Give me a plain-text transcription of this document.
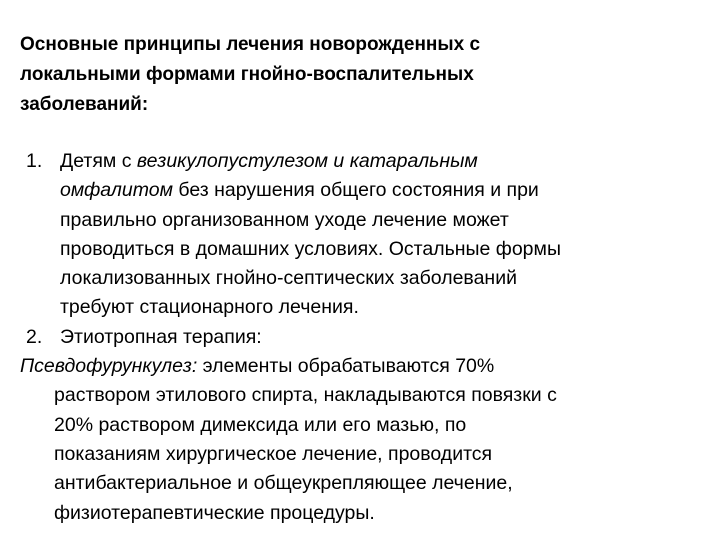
Основные принципы лечения новорожденных с
локальными формами гнойно-воспалительных
заболеваний:
1. Детям с везикулопустулезом и катаральным
омфалитом без нарушения общего состояния и при
правильно организованном уходе лечение может
проводиться в домашних условиях. Остальные формы
локализованных гнойно-септических заболеваний
требуют стационарного лечения.
2. Этиотропная терапия:
Псевдофурункулез: элементы обрабатываются 70%
раствором этилового спирта, накладываются повязки с
20% раствором димексида или его мазью, по
показаниям хирургическое лечение, проводится
антибактериальное и общеукрепляющее лечение,
физиотерапевтические процедуры.
